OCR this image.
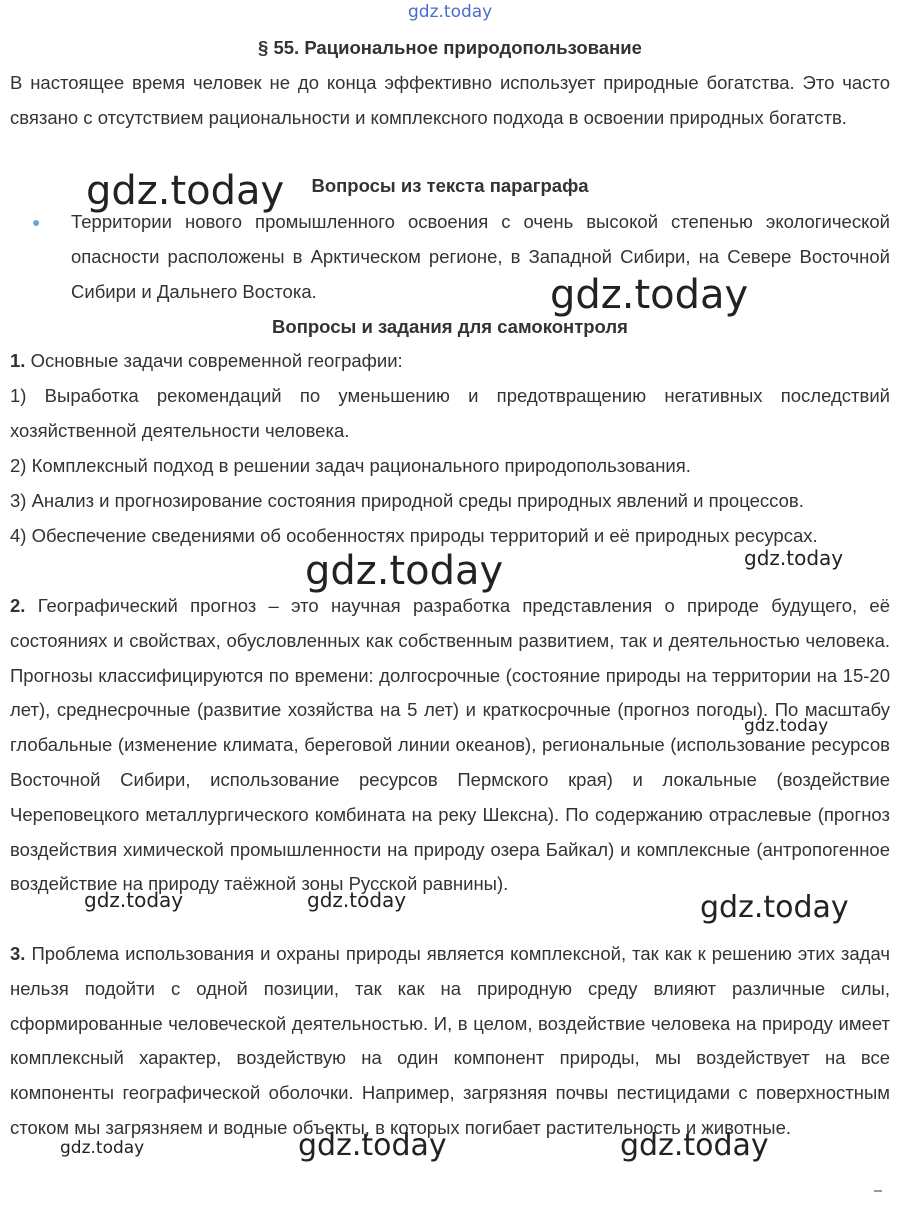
gdz.today
§ 55. Рациональное природопользование

В настоящее время человек не до конца эффективно использует природные богатства. Это часто связано с отсутствием рациональности и комплексного подхода в освоении природных богатств.

Вопросы из текста параграфа
● Территории нового промышленного освоения с очень высокой степенью экологической опасности расположены в Арктическом регионе, в Западной Сибири, на Севере Восточной Сибири и Дальнего Востока.

Вопросы и задания для самоконтроля

1. Основные задачи современной географии:

1) Выработка рекомендаций по уменьшению и предотвращению негативных последствий хозяйственной деятельности человека.

2) Комплексный подход в решении задач рационального природопользования.

3) Анализ и прогнозирование состояния природной среды природных явлений и процессов.

4) Обеспечение сведениями об особенностях природы территорий и её природных ресурсах.

2. Географический прогноз – это научная разработка представления о природе будущего, её состояниях и свойствах, обусловленных как собственным развитием, так и деятельностью человека. Прогнозы классифицируются по времени: долгосрочные (состояние природы на территории на 15-20 лет), среднесрочные (развитие хозяйства на 5 лет) и краткосрочные (прогноз погоды). По масштабу глобальные (изменение климата, береговой линии океанов), региональные (использование ресурсов Восточной Сибири, использование ресурсов Пермского края) и локальные (воздействие Череповецкого металлургического комбината на реку Шексна). По содержанию отраслевые (прогноз воздействия химической промышленности на природу озера Байкал) и комплексные (антропогенное воздействие на природу таёжной зоны Русской равнины).

3. Проблема использования и охраны природы является комплексной, так как к решению этих задач нельзя подойти с одной позиции, так как на природную среду влияют различные силы, сформированные человеческой деятельностью. И, в целом, воздействие человека на природу имеет комплексный характер, воздействую на один компонент природы, мы воздействует на все компоненты географической оболочки. Например, загрязняя почвы пестицидами с поверхностным стоком мы загрязняем и водные объекты, в которых погибает растительность и животные.

gdz.today
gdz.today
gdz.today	gdz.today
gdz.today
gdz.today	gdz.today	gdz.today
gdz.today	gdz.today	gdz.today
